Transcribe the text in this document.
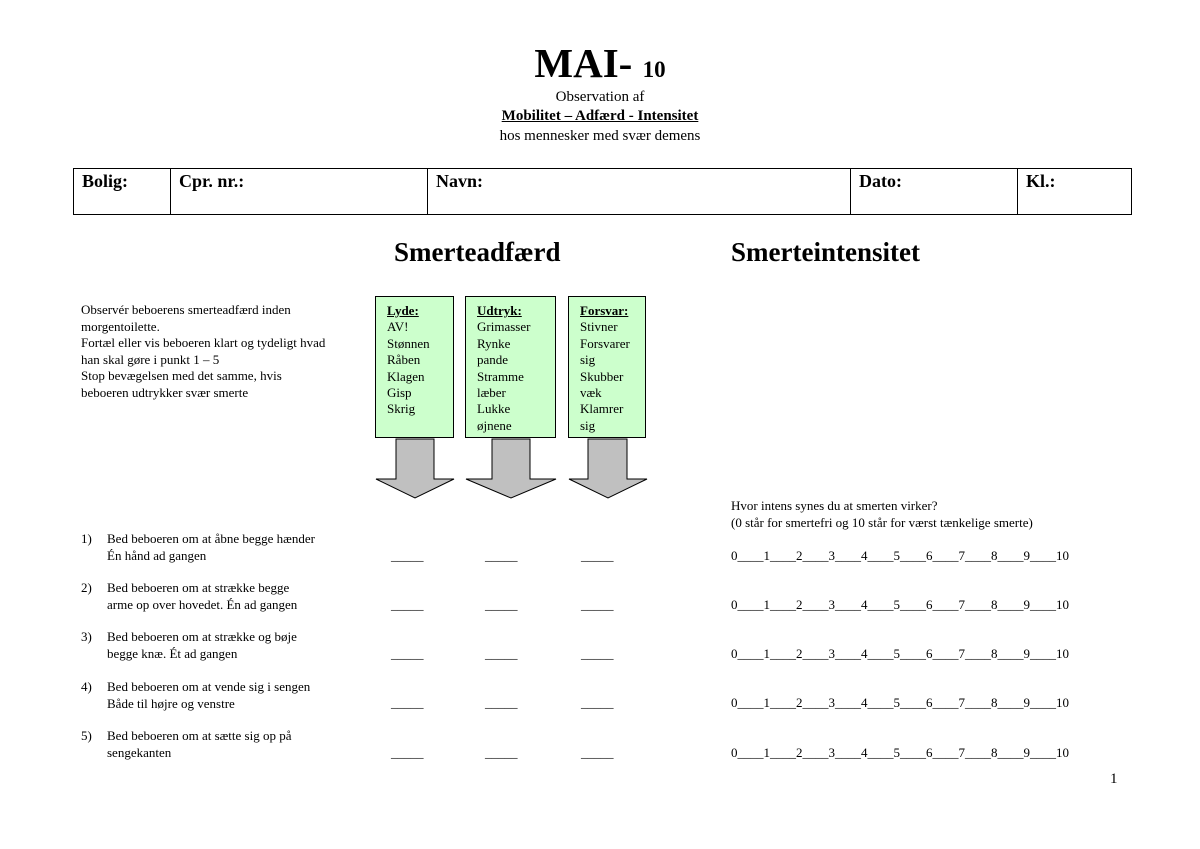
MAI- 10
Observation af
Mobilitet – Adfærd - Intensitet
hos mennesker med svær demens
Bolig:	Cpr. nr.:	Navn:	Dato:	Kl.:
Smerteadfærd	Smerteintensitet
Observér beboerens smerteadfærd inden
morgentoilette.
Fortæl eller vis beboeren klart og tydeligt hvad
han skal gøre i punkt 1 – 5
Stop bevægelsen med det samme, hvis
beboeren udtrykker svær smerte
Lyde:
AV!
Stønnen
Råben
Klagen
Gisp
Skrig
Udtryk:
Grimasser
Rynke
pande
Stramme
læber
Lukke
øjnene
Forsvar:
Stivner
Forsvarer
sig
Skubber
væk
Klamrer
sig
Hvor intens synes du at smerten virker?
(0 står for smertefri og 10 står for værst tænkelige smerte)
1) Bed beboeren om at åbne begge hænder
Én hånd ad gangen	_____	_____	_____	0____1____2____3____4____5____6____7____8____9____10
2) Bed beboeren om at strække begge
arme op over hovedet. Én ad gangen	_____	_____	_____	0____1____2____3____4____5____6____7____8____9____10
3) Bed beboeren om at strække og bøje
begge knæ. Ét ad gangen	_____	_____	_____	0____1____2____3____4____5____6____7____8____9____10
4) Bed beboeren om at vende sig i sengen
Både til højre og venstre	_____	_____	_____	0____1____2____3____4____5____6____7____8____9____10
5) Bed beboeren om at sætte sig op på
sengekanten	_____	_____	_____	0____1____2____3____4____5____6____7____8____9____10
1
